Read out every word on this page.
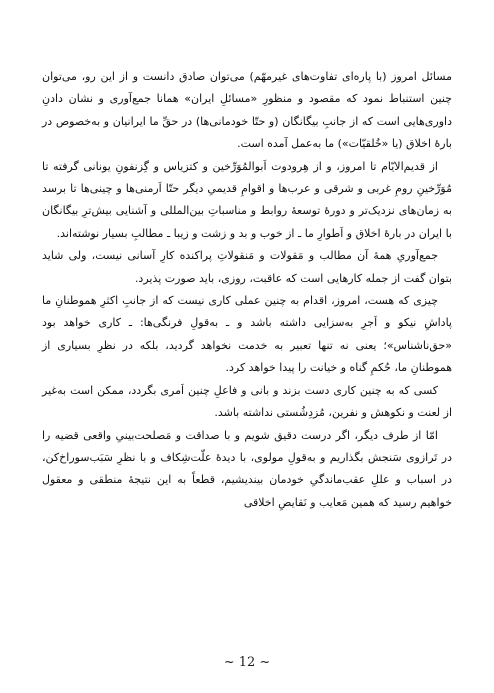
مسائل امروز (با پاره‌ای تفاوت‌های غیرمهّم) می‌توان صادق دانست و از این رو، می‌توان چنین استنباط نمود که مقصود و منظورِ «مسائلِ ایران» همانا جمع‌آوری و نشان دادنِ داوری‌هایی است که از جانبِ بیگانگان (و حتّا خودمانی‌ها) در حقِّ ما ایرانیان و به‌خصوص در بارهٔ اخلاق (یا «خُلقیّات») ما به‌عمل آمده است.

از قدیم‌الایّام تا امروز، و از هِرودوت اَبوالمُوَرِّخین و کتزیاس و گِزنفونِ یونانی گرفته تا مُوَرِّخینِ رومِ غربی و شرقی و عرب‌ها و اقوامِ قدیمیِ دیگر حتّا اَرمنی‌ها و چینی‌ها تا برسد به زمان‌های نزدیک‌تر و دورهٔ توسعهٔ روابط و مناسباتِ بین‌المللی و آشنایی بیش‌ترِ بیگانگان با ایران در بارهٔ اخلاق و اَطوارِ ما ـ از خوب و بد و زشت و زیبا ـ مطالبِ بسیار نوشته‌اند.

جمع‌آوریِ همهٔ آن مطالب و مَقولات و مَنقولاتِ پراکنده کارِ آسانی نیست، ولی شاید بتوان گفت از جمله کارهایی است که عاقبت، روزی، باید صورت پذیرد.

چیزی که هست، امروز، اقدام به چنین عملی کاری نیست که از جانبِ اکثرِ هموطنانِ ما پاداشِ نیکو و اَجرِ به‌سزایی داشته باشد و ـ به‌قولِ فرنگی‌ها: ـ کاری خواهد بود «حق‌ناشناس»؛ یعنی نه تنها تعبیر به خدمت نخواهد گردید، بلکه در نظرِ بسیاری از هموطنانِ ما، حُکمِ گناه و خیانت را پیدا خواهد کرد.

کسی که به چنین کاری دست بزند و بانی و فاعلِ چنین اَمری بگردد، ممکن است به‌غیر از لعنت و نکوهش و نفرین، مُزدِشُستی نداشته باشد.

امّا از طرف دیگر، اگر درست دقیق شویم و با صداقت و مَصلحت‌بینیِ واقعی قضیه را در تَرازوی سَنجش بگذاریم و به‌قولِ مولوی، با دیدهٔ علّت‌شِکاف و با نظرِ سَبَب‌سوراخ‌کن، در اسباب و عللِ عقب‌ماندگیِ خودمان بیندیشیم، قطعاً به این نتیجهٔ منطقی و معقول خواهیم رسید که همین مَعایب و نَقایصِ اخلاقی

~ 12 ~
